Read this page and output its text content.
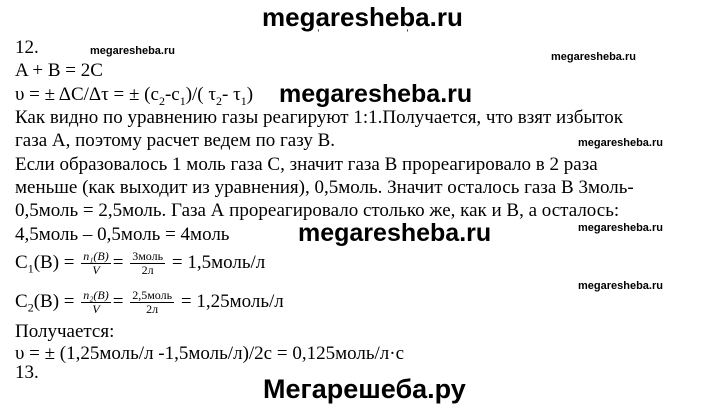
megaresheba.ru
ˈ               ˈ
megaresheba.ru	megaresheba.ru
megaresheba.ru
megaresheba.ru
megaresheba.ru
megaresheba.ru
megaresheba.ru
12.
A + B = 2C
υ = ± ΔC/Δτ = ± $(c_2-c_1)/$( $\tau_2-$ $\tau_1$)
Как видно по уравнению газы реагируют 1:1.Получается, что взят избыток
газа А, поэтому расчет ведем по газу В.
Если образовалось 1 моль газа С, значит газа В прореагировало в 2 раза
меньше (как выходит из уравнения), 0,5моль. Значит осталось газа В 3моль-
0,5моль = 2,5моль. Газа А прореагировало столько же, как и В, а осталось:
4,5моль – 0,5моль = 4моль
$C_1(B) = \frac{\text{n₁(B)}}{V} = \frac{\text{3моль}}{2л}$ = 1,5моль/л
$C_2(B) = \frac{\text{n₂(B)}}{V} = \frac{\text{2,5моль}}{2л}$ = 1,25моль/л
Получается:
υ = ± (1,25моль/л -1,5моль/л)/2с = 0,125моль/л·с
13.
Мегарешеба.ру
